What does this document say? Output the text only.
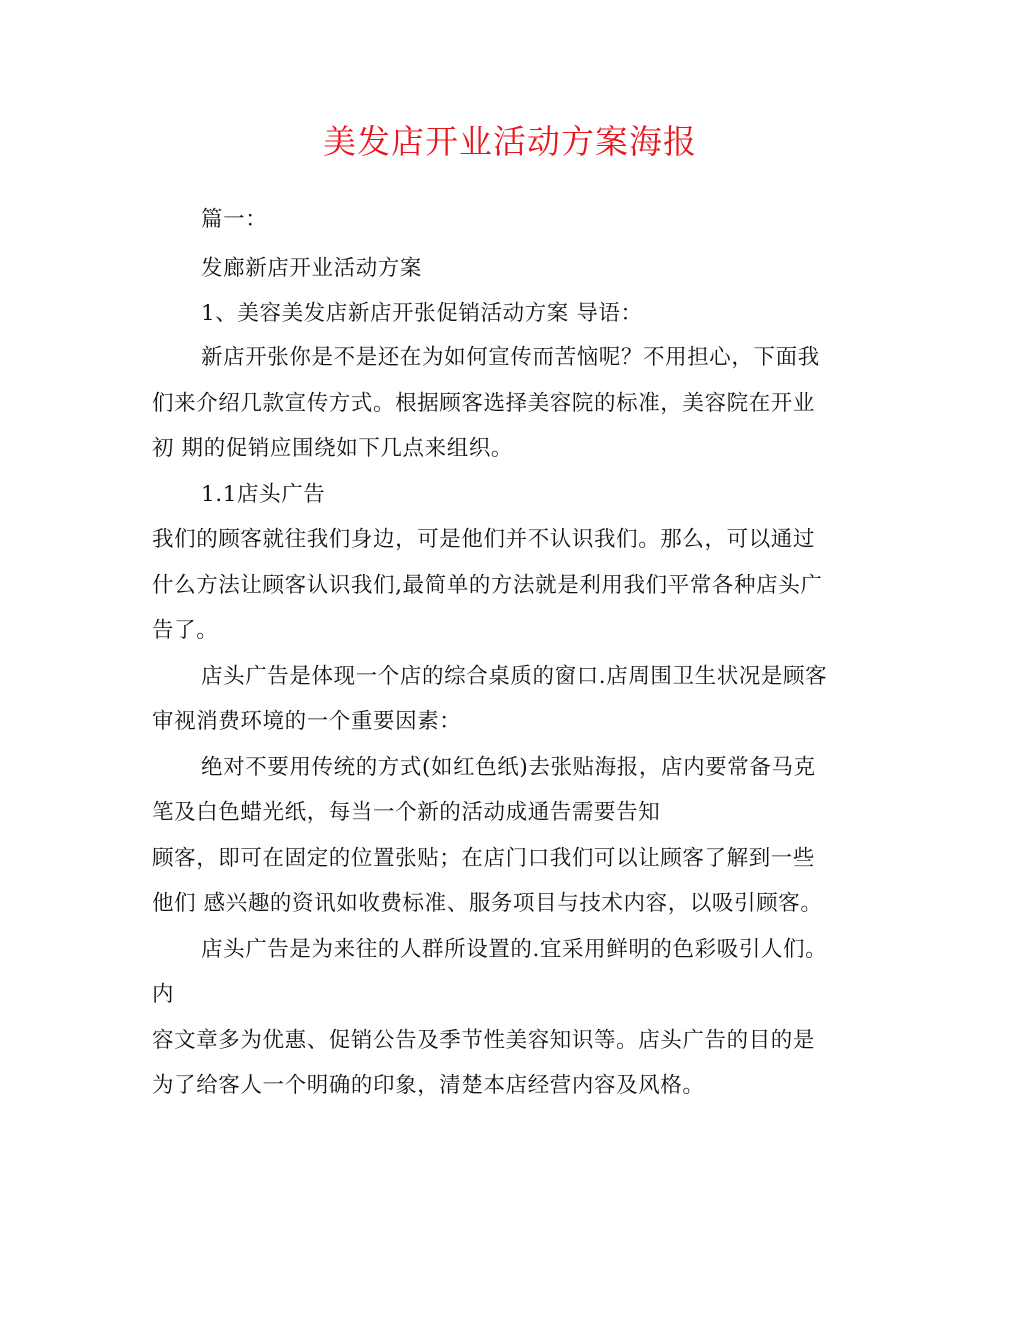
美发店开业活动方案海报
篇一：
发廊新店开业活动方案
1、美容美发店新店开张促销活动方案 导语：
新店开张你是不是还在为如何宣传而苦恼呢？不用担心，下面我
们来介绍几款宣传方式。根据顾客选择美容院的标准，美容院在开业
初 期的促销应围绕如下几点来组织。
1.1店头广告
我们的顾客就往我们身边，可是他们并不认识我们。那么，可以通过
什么方法让顾客认识我们,最简单的方法就是利用我们平常各种店头广
告了。
店头广告是体现一个店的综合桌质的窗口.店周围卫生状况是顾客
审视消费环境的一个重要因素：
绝对不要用传统的方式(如红色纸)去张贴海报，店内要常备马克
笔及白色蜡光纸，每当一个新的活动成通告需要告知
顾客，即可在固定的位置张贴；在店门口我们可以让顾客了解到一些
他们 感兴趣的资讯如收费标准、服务项目与技术内容，以吸引顾客。
店头广告是为来往的人群所设置的.宜采用鲜明的色彩吸引人们。
内
容文章多为优惠、促销公告及季节性美容知识等。店头广告的目的是
为了给客人一个明确的印象，清楚本店经营内容及风格。
